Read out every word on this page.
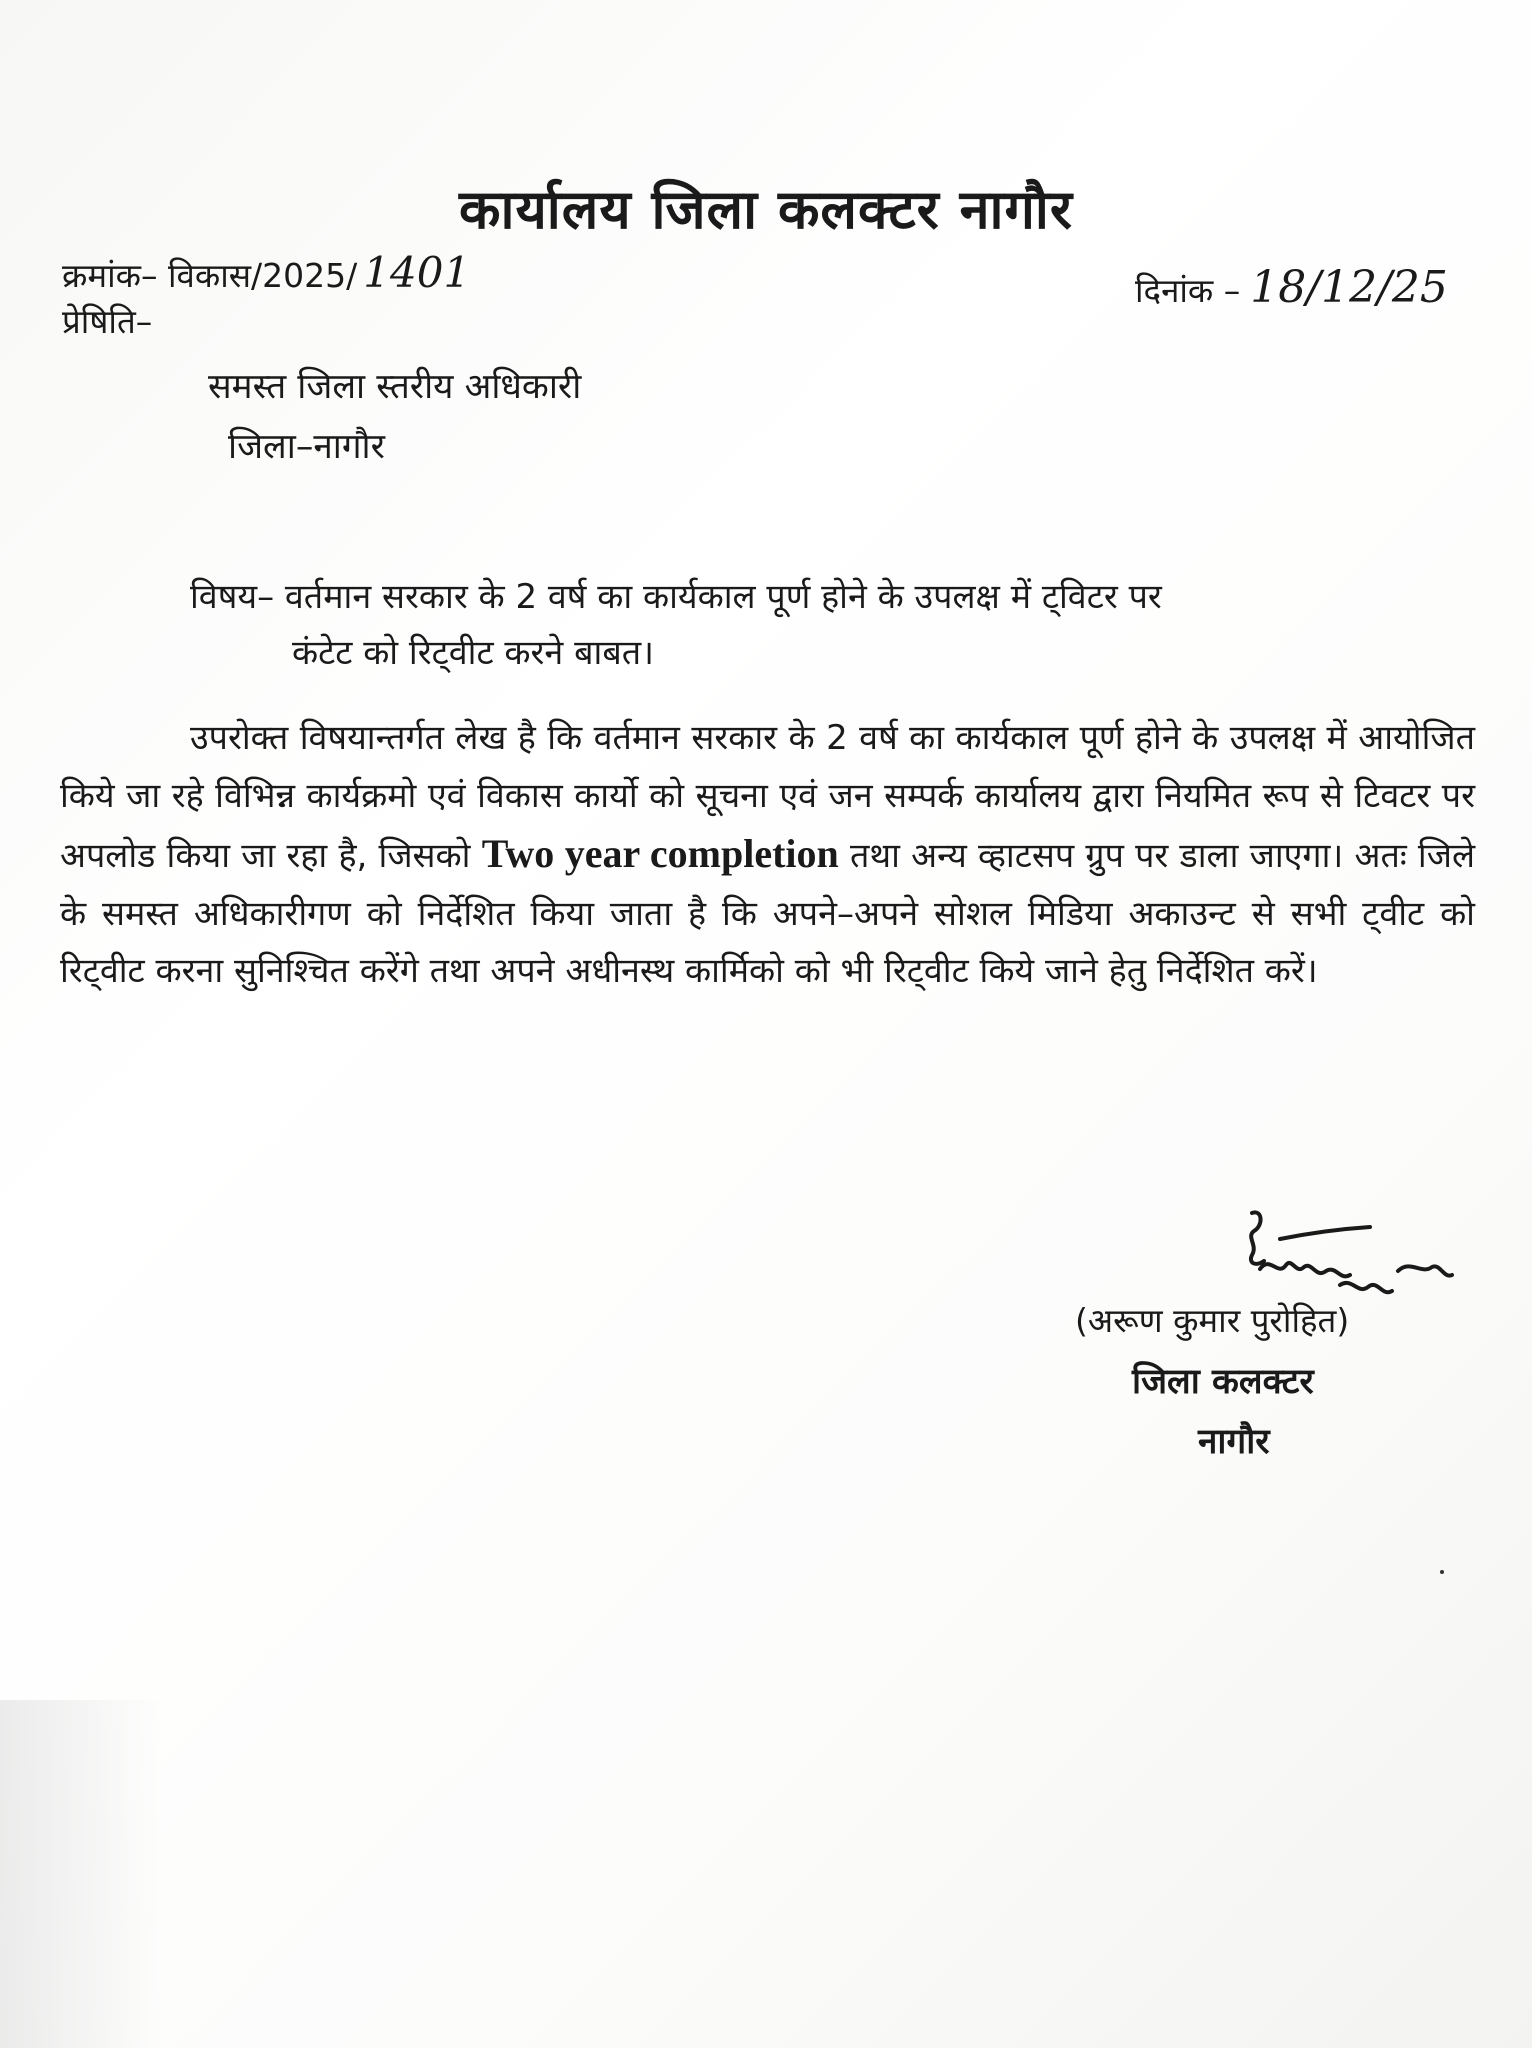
कार्यालय जिला कलक्टर नागौर
क्रमांक– विकास/2025/ 1401	दिनांक – 18/12/25
प्रेषिति–
समस्त जिला स्तरीय अधिकारी
जिला–नागौर
विषय– वर्तमान सरकार के 2 वर्ष का कार्यकाल पूर्ण होने के उपलक्ष में ट्विटर पर
कंटेट को रिट्वीट करने बाबत।
उपरोक्त विषयान्तर्गत लेख है कि वर्तमान सरकार के 2 वर्ष का कार्यकाल पूर्ण होने के उपलक्ष में आयोजित किये जा रहे विभिन्न कार्यक्रमो एवं विकास कार्यो को सूचना एवं जन सम्पर्क कार्यालय द्वारा नियमित रूप से टिवटर पर अपलोड किया जा रहा है, जिसको Two year completion तथा अन्य व्हाटसप ग्रुप पर डाला जाएगा। अतः जिले के समस्त अधिकारीगण को निर्देशित किया जाता है कि अपने–अपने सोशल मिडिया अकाउन्ट से सभी ट्वीट को रिट्वीट करना सुनिश्चित करेंगे तथा अपने अधीनस्थ कार्मिको को भी रिट्वीट किये जाने हेतु निर्देशित करें।
(अरूण कुमार पुरोहित)
जिला कलक्टर
नागौर
